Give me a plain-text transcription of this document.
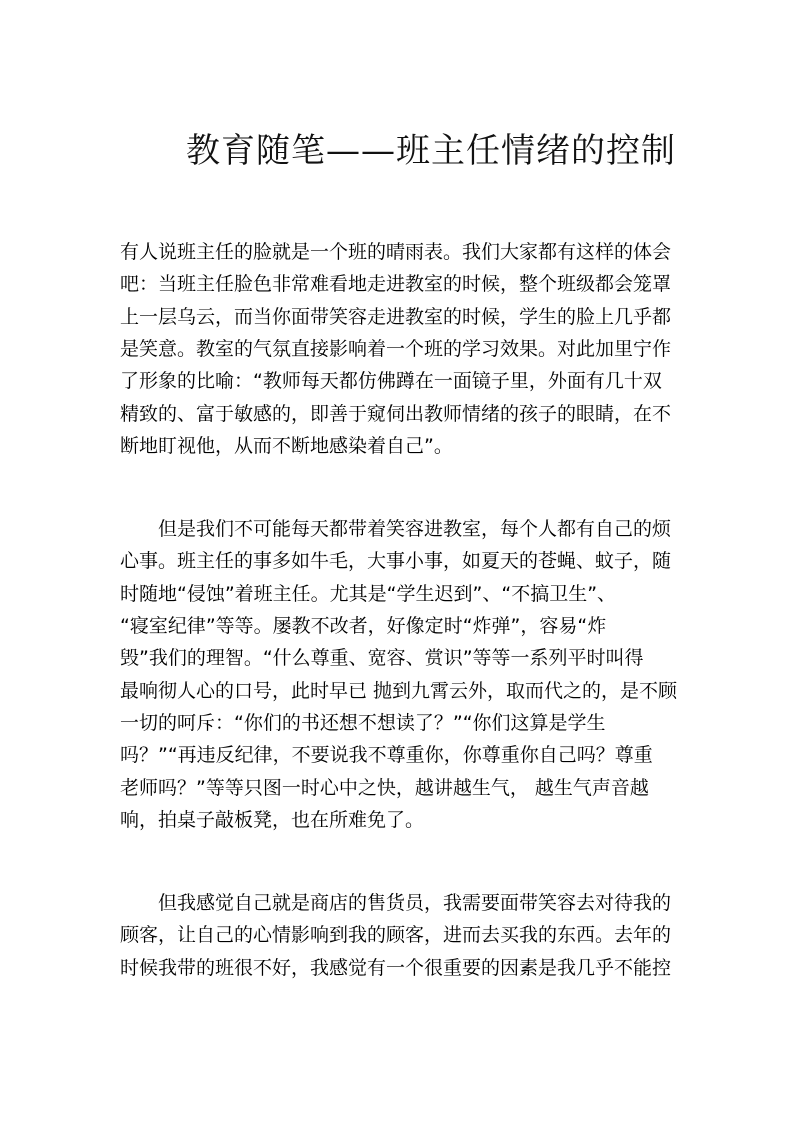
教育随笔——班主任情绪的控制
有人说班主任的脸就是一个班的晴雨表。我们大家都有这样的体会
吧：当班主任脸色非常难看地走进教室的时候，整个班级都会笼罩
上一层乌云，而当你面带笑容走进教室的时候，学生的脸上几乎都
是笑意。教室的气氛直接影响着一个班的学习效果。对此加里宁作
了形象的比喻：“教师每天都仿佛蹲在一面镜子里，外面有几十双
精致的、富于敏感的，即善于窥伺出教师情绪的孩子的眼睛，在不
断地盯视他，从而不断地感染着自己”。
但是我们不可能每天都带着笑容进教室，每个人都有自己的烦
心事。班主任的事多如牛毛，大事小事，如夏天的苍蝇、蚊子，随
时随地“侵蚀”着班主任。尤其是“学生迟到”、“不搞卫生”、
“寝室纪律”等等。屡教不改者，好像定时“炸弹”，容易“炸
毁”我们的理智。“什么尊重、宽容、赏识”等等一系列平时叫得
最响彻人心的口号，此时早已 抛到九霄云外，取而代之的，是不顾
一切的呵斥：“你们的书还想不想读了？”“你们这算是学生
吗？”“再违反纪律，不要说我不尊重你，你尊重你自己吗？尊重
老师吗？”等等只图一时心中之快，越讲越生气， 越生气声音越
响，拍桌子敲板凳，也在所难免了。
但我感觉自己就是商店的售货员，我需要面带笑容去对待我的
顾客，让自己的心情影响到我的顾客，进而去买我的东西。去年的
时候我带的班很不好，我感觉有一个很重要的因素是我几乎不能控
